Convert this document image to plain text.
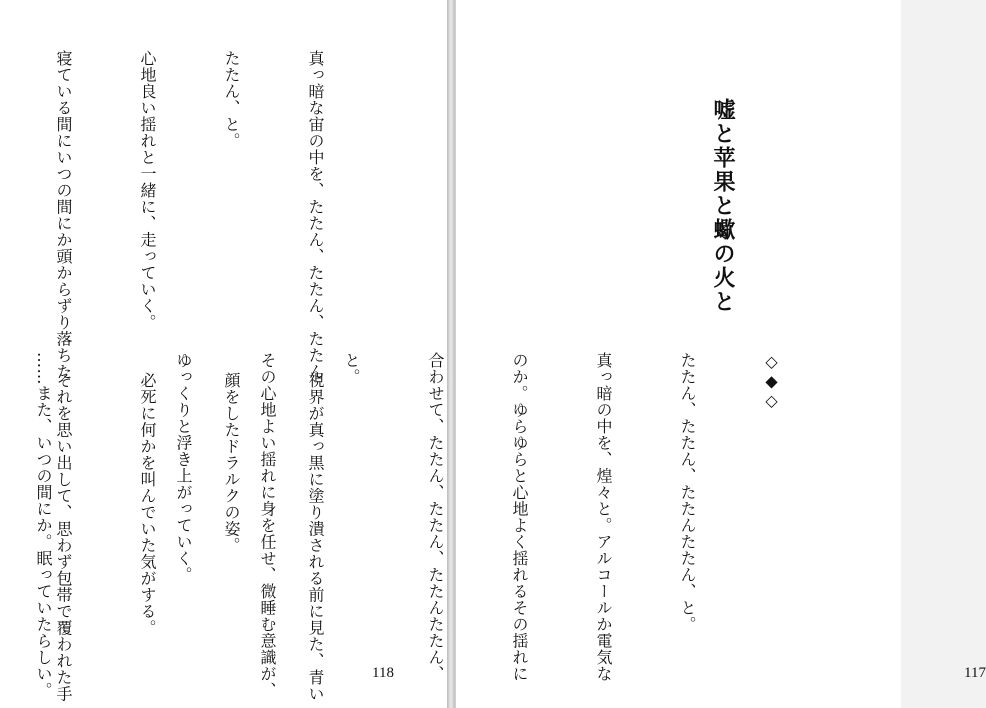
真っ暗な宙の中を、たたん、たたん、たたん

たたん、と。

心地良い揺れと一緒に、走っていく。

寝ている間にいつの間にか頭からずり落ちた

視界が真っ黒に塗り潰される前に見た、青い

顔をしたドラルクの姿。

必死に何かを叫んでいた気がする。

それを思い出して、思わず包帯で覆われた手

	118
嘘と苹果と蠍の火と

◇◆◇

たたん、たたん、たたんたたん、と。

真っ暗の中を、煌々と。アルコールか電気な

のか。ゆらゆらと心地よく揺れるその揺れに

合わせて、たたん、たたん、たたんたたん、

と。

その心地よい揺れに身を任せ、微睡む意識が、

ゆっくりと浮き上がっていく。

……また、いつの間にか。眠っていたらしい。

	117
